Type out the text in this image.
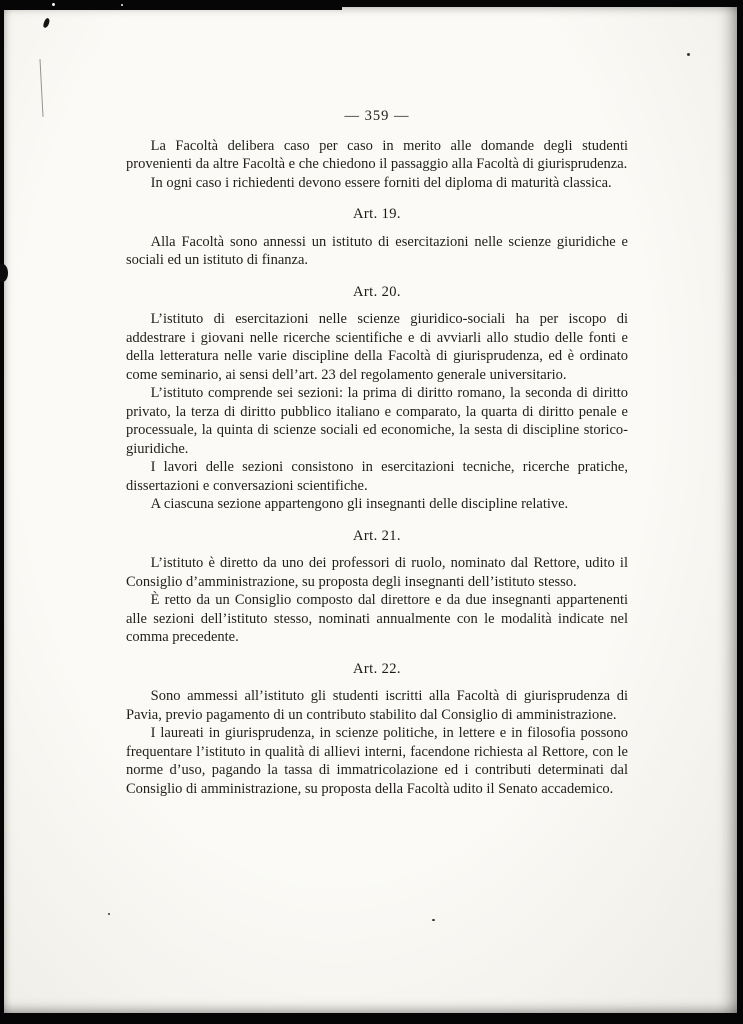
— 359 —

La Facoltà delibera caso per caso in merito alle domande degli studenti provenienti da altre Facoltà e che chiedono il passaggio alla Facoltà di giurisprudenza.

In ogni caso i richiedenti devono essere forniti del diploma di maturità classica.

Art. 19.

Alla Facoltà sono annessi un istituto di esercitazioni nelle scienze giuridiche e sociali ed un istituto di finanza.

Art. 20.

L’istituto di esercitazioni nelle scienze giuridico-sociali ha per iscopo di addestrare i giovani nelle ricerche scientifiche e di avviarli allo studio delle fonti e della letteratura nelle varie discipline della Facoltà di giurisprudenza, ed è ordinato come seminario, ai sensi dell’art. 23 del regolamento generale universitario.

L’istituto comprende sei sezioni: la prima di diritto romano, la seconda di diritto privato, la terza di diritto pubblico italiano e comparato, la quarta di diritto penale e processuale, la quinta di scienze sociali ed economiche, la sesta di discipline storico-giuridiche.

I lavori delle sezioni consistono in esercitazioni tecniche, ricerche pratiche, dissertazioni e conversazioni scientifiche.

A ciascuna sezione appartengono gli insegnanti delle discipline relative.

Art. 21.

L’istituto è diretto da uno dei professori di ruolo, nominato dal Rettore, udito il Consiglio d’amministrazione, su proposta degli insegnanti dell’istituto stesso.

È retto da un Consiglio composto dal direttore e da due insegnanti appartenenti alle sezioni dell’istituto stesso, nominati annualmente con le modalità indicate nel comma precedente.

Art. 22.

Sono ammessi all’istituto gli studenti iscritti alla Facoltà di giurisprudenza di Pavia, previo pagamento di un contributo stabilito dal Consiglio di amministrazione.

I laureati in giurisprudenza, in scienze politiche, in lettere e in filosofia possono frequentare l’istituto in qualità di allievi interni, facendone richiesta al Rettore, con le norme d’uso, pagando la tassa di immatricolazione ed i contributi determinati dal Consiglio di amministrazione, su proposta della Facoltà udito il Senato accademico.
